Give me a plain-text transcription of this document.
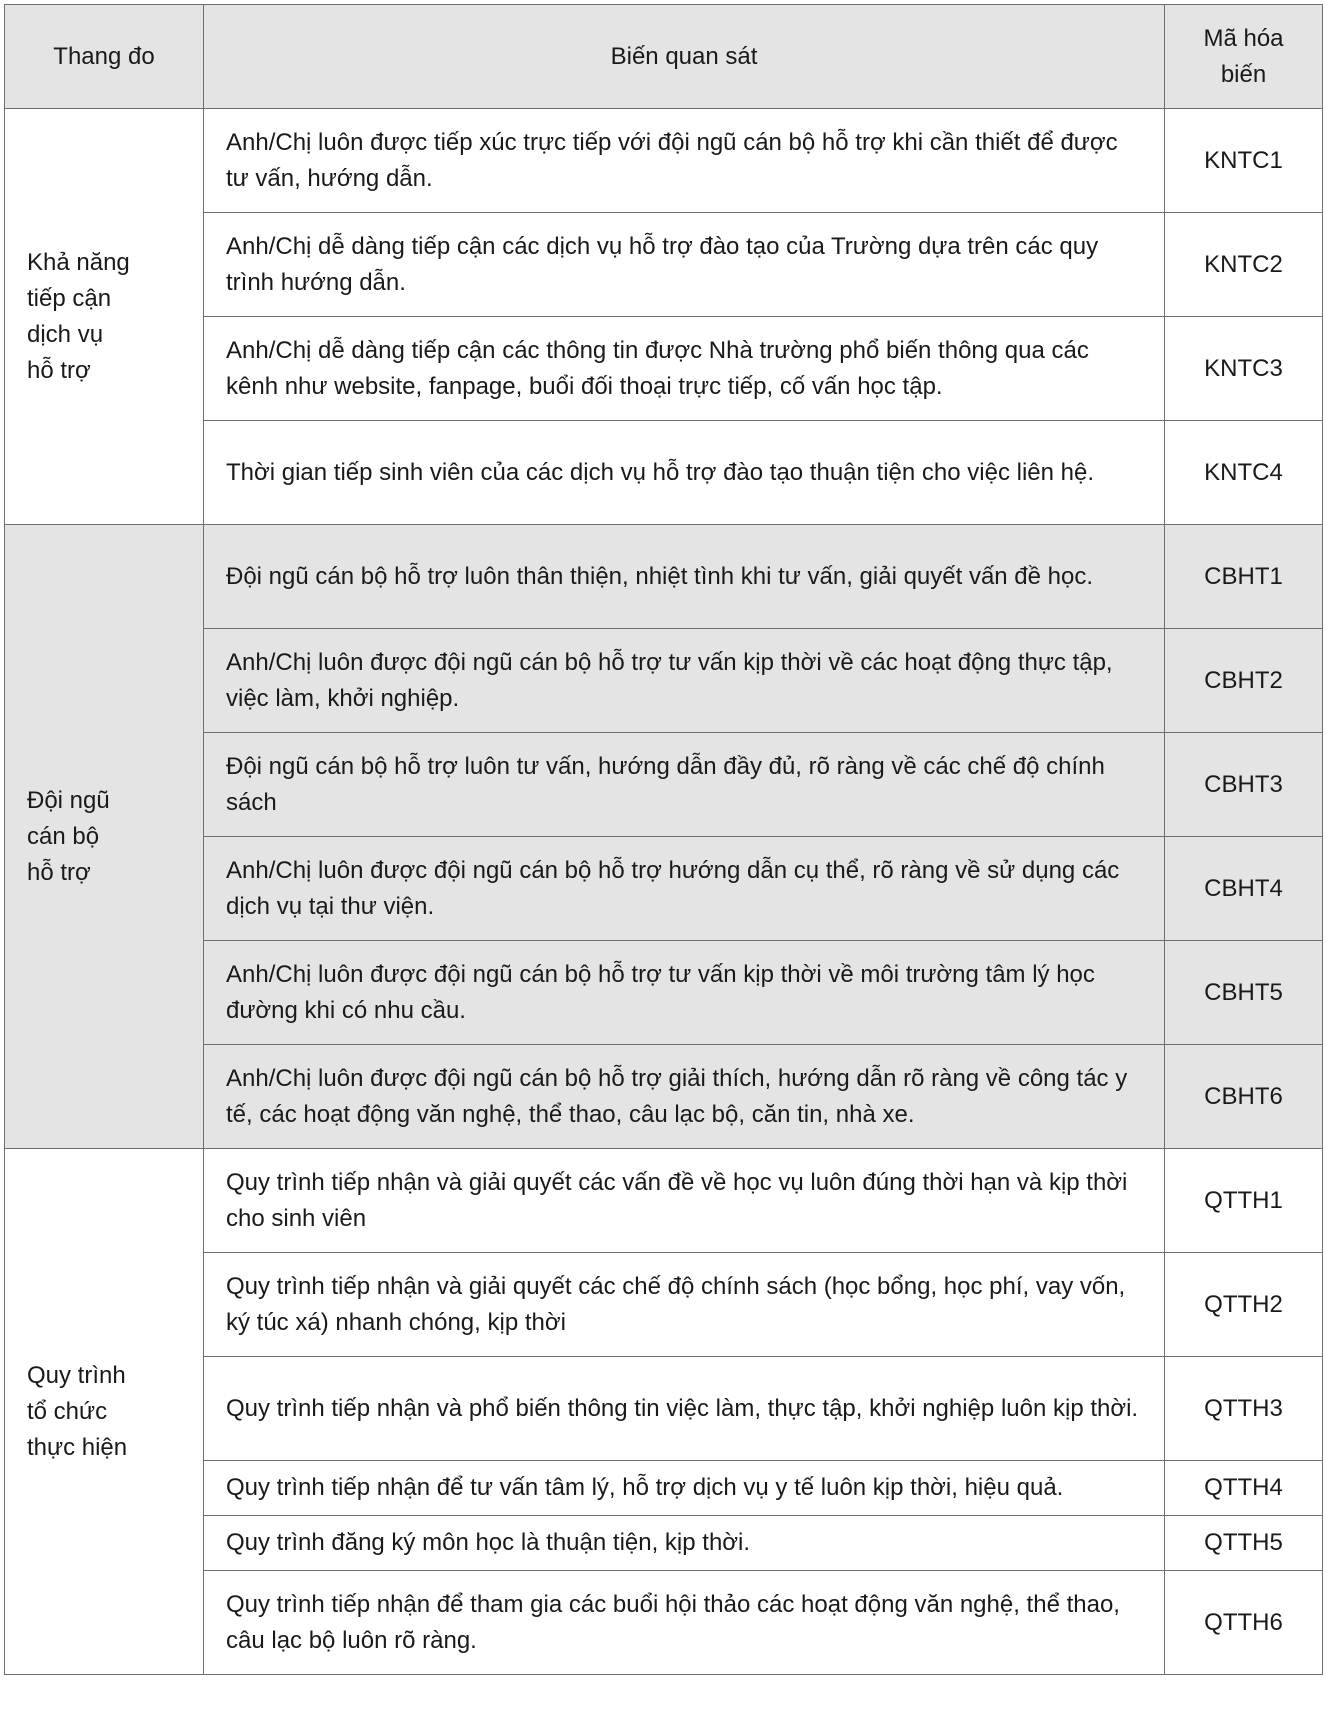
Thang đo	Biến quan sát	Mã hóa
biến

Khả năng
tiếp cận
dịch vụ
hỗ trợ	Anh/Chị luôn được tiếp xúc trực tiếp với đội ngũ cán bộ hỗ trợ khi cần thiết để được tư vấn, hướng dẫn.	KNTC1
	Anh/Chị dễ dàng tiếp cận các dịch vụ hỗ trợ đào tạo của Trường dựa trên các quy trình hướng dẫn.	KNTC2
	Anh/Chị dễ dàng tiếp cận các thông tin được Nhà trường phổ biến thông qua các kênh như website, fanpage, buổi đối thoại trực tiếp, cố vấn học tập.	KNTC3
	Thời gian tiếp sinh viên của các dịch vụ hỗ trợ đào tạo thuận tiện cho việc liên hệ.	KNTC4

Đội ngũ
cán bộ
hỗ trợ	Đội ngũ cán bộ hỗ trợ luôn thân thiện, nhiệt tình khi tư vấn, giải quyết vấn đề học.	CBHT1
	Anh/Chị luôn được đội ngũ cán bộ hỗ trợ tư vấn kịp thời về các hoạt động thực tập, việc làm, khởi nghiệp.	CBHT2
	Đội ngũ cán bộ hỗ trợ luôn tư vấn, hướng dẫn đầy đủ, rõ ràng về các chế độ chính sách	CBHT3
	Anh/Chị luôn được đội ngũ cán bộ hỗ trợ hướng dẫn cụ thể, rõ ràng về sử dụng các dịch vụ tại thư viện.	CBHT4
	Anh/Chị luôn được đội ngũ cán bộ hỗ trợ tư vấn kịp thời về môi trường tâm lý học đường khi có nhu cầu.	CBHT5
	Anh/Chị luôn được đội ngũ cán bộ hỗ trợ giải thích, hướng dẫn rõ ràng về công tác y tế, các hoạt động văn nghệ, thể thao, câu lạc bộ, căn tin, nhà xe.	CBHT6

Quy trình
tổ chức
thực hiện	Quy trình tiếp nhận và giải quyết các vấn đề về học vụ luôn đúng thời hạn và kịp thời cho sinh viên	QTTH1
	Quy trình tiếp nhận và giải quyết các chế độ chính sách (học bổng, học phí, vay vốn, ký túc xá) nhanh chóng, kịp thời	QTTH2
	Quy trình tiếp nhận và phổ biến thông tin việc làm, thực tập, khởi nghiệp luôn kịp thời.	QTTH3
	Quy trình tiếp nhận để tư vấn tâm lý, hỗ trợ dịch vụ y tế luôn kịp thời, hiệu quả.	QTTH4
	Quy trình đăng ký môn học là thuận tiện, kịp thời.	QTTH5
	Quy trình tiếp nhận để tham gia các buổi hội thảo các hoạt động văn nghệ, thể thao, câu lạc bộ luôn rõ ràng.	QTTH6
